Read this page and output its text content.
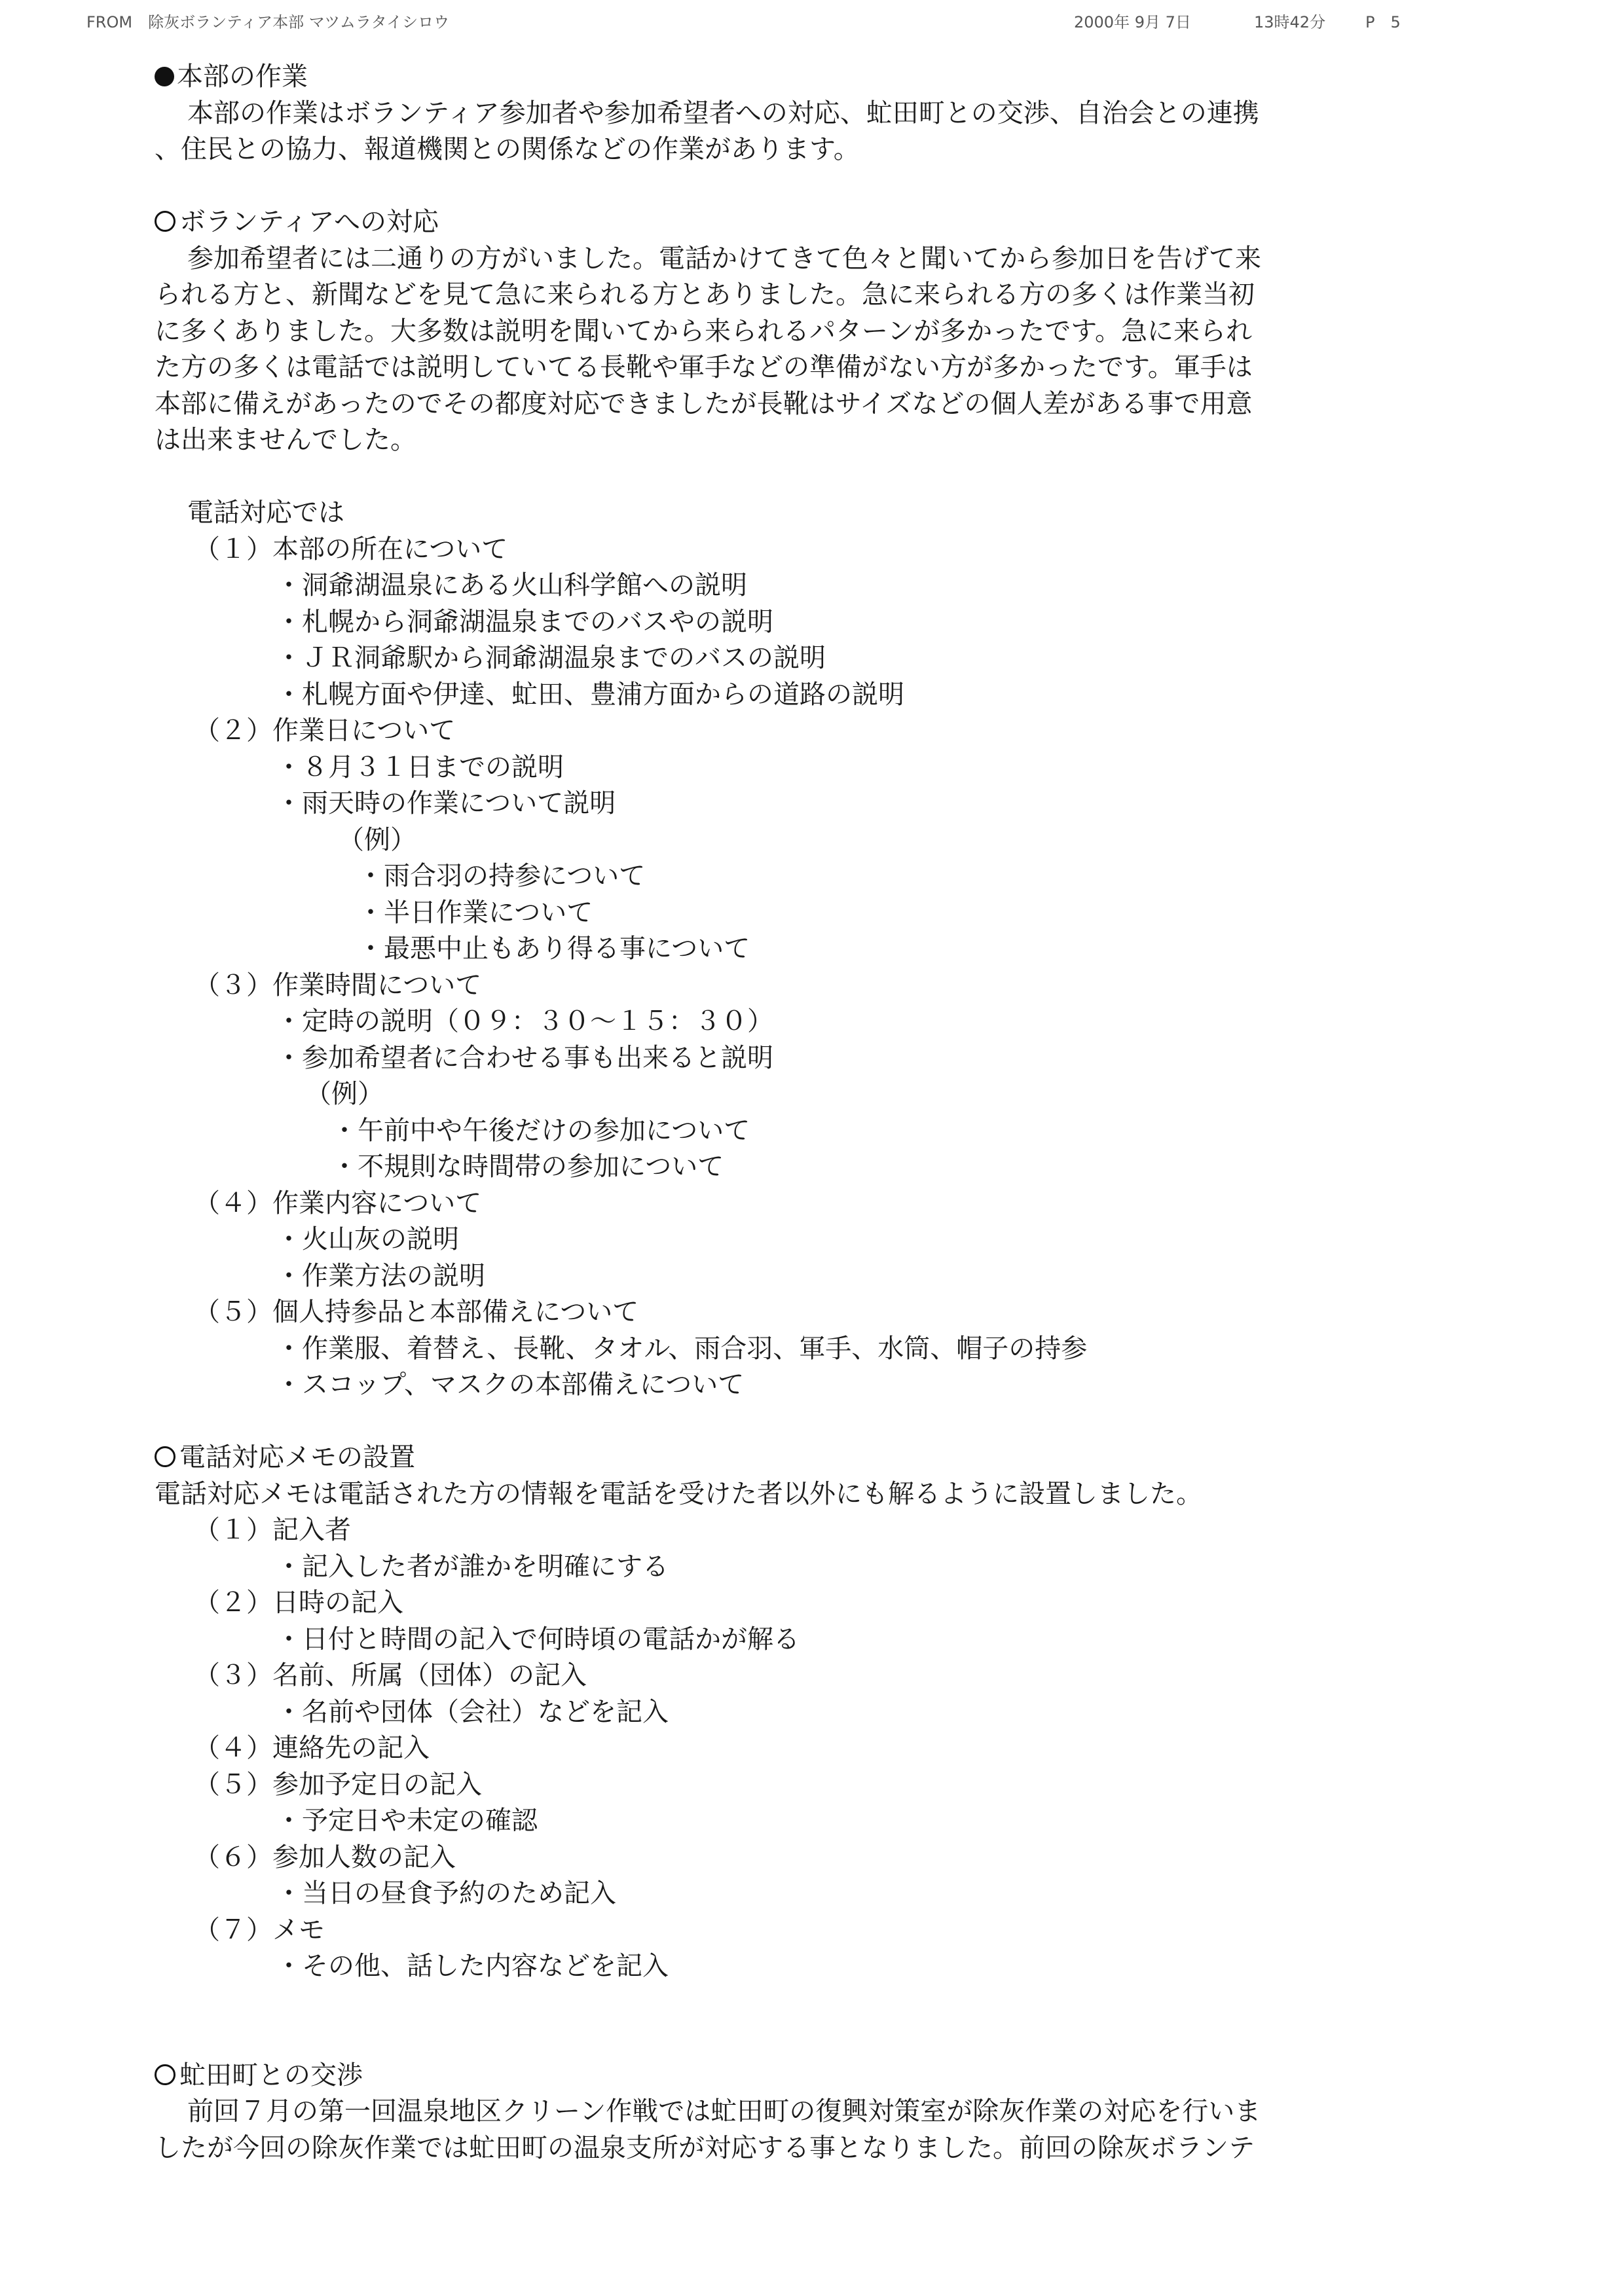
FROM　除灰ボランティア本部 マツムラタイシロウ	2000年 9月 7日	13時42分	P　5
本部の作業
本部の作業はボランティア参加者や参加希望者への対応、虻田町との交渉、自治会との連携
、住民との協力、報道機関との関係などの作業があります。
ボランティアへの対応
参加希望者には二通りの方がいました。電話かけてきて色々と聞いてから参加日を告げて来
られる方と、新聞などを見て急に来られる方とありました。急に来られる方の多くは作業当初
に多くありました。大多数は説明を聞いてから来られるパターンが多かったです。急に来られ
た方の多くは電話では説明していてる長靴や軍手などの準備がない方が多かったです。軍手は
本部に備えがあったのでその都度対応できましたが長靴はサイズなどの個人差がある事で用意
は出来ませんでした。
電話対応では
（１）本部の所在について
・洞爺湖温泉にある火山科学館への説明
・札幌から洞爺湖温泉までのバスやの説明
・ＪＲ洞爺駅から洞爺湖温泉までのバスの説明
・札幌方面や伊達、虻田、豊浦方面からの道路の説明
（２）作業日について
・８月３１日までの説明
・雨天時の作業について説明
（例）
・雨合羽の持参について
・半日作業について
・最悪中止もあり得る事について
（３）作業時間について
・定時の説明（０９：３０～１５：３０）
・参加希望者に合わせる事も出来ると説明
（例）
・午前中や午後だけの参加について
・不規則な時間帯の参加について
（４）作業内容について
・火山灰の説明
・作業方法の説明
（５）個人持参品と本部備えについて
・作業服、着替え、長靴、タオル、雨合羽、軍手、水筒、帽子の持参
・スコップ、マスクの本部備えについて
電話対応メモの設置
電話対応メモは電話された方の情報を電話を受けた者以外にも解るように設置しました。
（１）記入者
・記入した者が誰かを明確にする
（２）日時の記入
・日付と時間の記入で何時頃の電話かが解る
（３）名前、所属（団体）の記入
・名前や団体（会社）などを記入
（４）連絡先の記入
（５）参加予定日の記入
・予定日や未定の確認
（６）参加人数の記入
・当日の昼食予約のため記入
（７）メモ
・その他、話した内容などを記入
虻田町との交渉
前回７月の第一回温泉地区クリーン作戦では虻田町の復興対策室が除灰作業の対応を行いま
したが今回の除灰作業では虻田町の温泉支所が対応する事となりました。前回の除灰ボランテ
